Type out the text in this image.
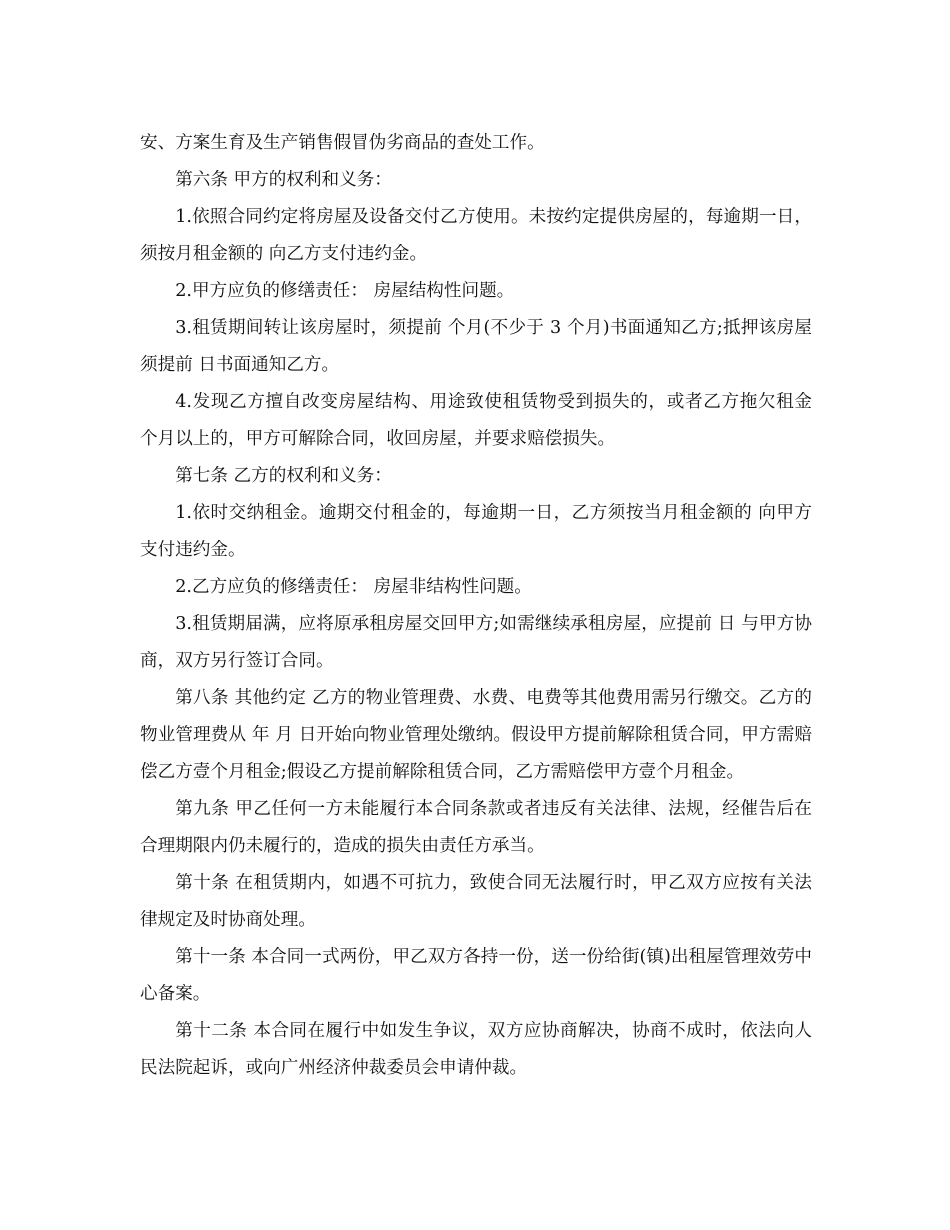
安、方案生育及生产销售假冒伪劣商品的查处工作。

第六条 甲方的权利和义务：

1.依照合同约定将房屋及设备交付乙方使用。未按约定提供房屋的，每逾期一日，须按月租金额的 向乙方支付违约金。

2.甲方应负的修缮责任： 房屋结构性问题。

3.租赁期间转让该房屋时，须提前 个月(不少于 3 个月)书面通知乙方;抵押该房屋须提前 日书面通知乙方。

4.发现乙方擅自改变房屋结构、用途致使租赁物受到损失的，或者乙方拖欠租金 个月以上的，甲方可解除合同，收回房屋，并要求赔偿损失。

第七条 乙方的权利和义务：

1.依时交纳租金。逾期交付租金的，每逾期一日，乙方须按当月租金额的 向甲方支付违约金。

2.乙方应负的修缮责任： 房屋非结构性问题。

3.租赁期届满，应将原承租房屋交回甲方;如需继续承租房屋，应提前 日 与甲方协商，双方另行签订合同。

第八条 其他约定 乙方的物业管理费、水费、电费等其他费用需另行缴交。乙方的物业管理费从 年 月 日开始向物业管理处缴纳。假设甲方提前解除租赁合同，甲方需赔偿乙方壹个月租金;假设乙方提前解除租赁合同，乙方需赔偿甲方壹个月租金。

第九条 甲乙任何一方未能履行本合同条款或者违反有关法律、法规，经催告后在合理期限内仍未履行的，造成的损失由责任方承当。

第十条 在租赁期内，如遇不可抗力，致使合同无法履行时，甲乙双方应按有关法律规定及时协商处理。

第十一条 本合同一式两份，甲乙双方各持一份，送一份给街(镇)出租屋管理效劳中心备案。

第十二条 本合同在履行中如发生争议，双方应协商解决，协商不成时，依法向人民法院起诉，或向广州经济仲裁委员会申请仲裁。
